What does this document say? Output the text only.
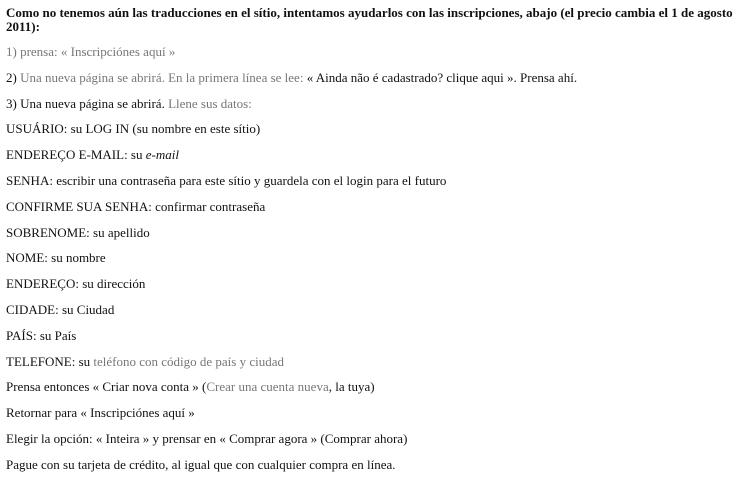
Como no tenemos aún las traducciones en el sítio, intentamos ayudarlos con las inscripciones, abajo (el precio cambia el 1 de agosto 2011):
1) prensa: « Inscripciónes aquí »
2) Una nueva página se abrirá. En la primera línea se lee: « Ainda não é cadastrado? clique aqui ». Prensa ahí.
3) Una nueva página se abrirá. Llene sus datos:
USUÁRIO: su LOG IN (su nombre en este sítio)
ENDEREÇO E-MAIL: su e-mail
SENHA: escribir una contraseña para este sítio y guardela con el login para el futuro
CONFIRME SUA SENHA: confirmar contraseña
SOBRENOME: su apellido
NOME: su nombre
ENDEREÇO: su dirección
CIDADE: su Ciudad
PAÍS: su País
TELEFONE: su teléfono con código de país y ciudad
Prensa entonces « Criar nova conta » (Crear una cuenta nueva, la tuya)
Retornar para « Inscripciónes aquí »
Elegir la opción: « Inteira » y prensar en « Comprar agora » (Comprar ahora)
Pague con su tarjeta de crédito, al igual que con cualquier compra en línea.
